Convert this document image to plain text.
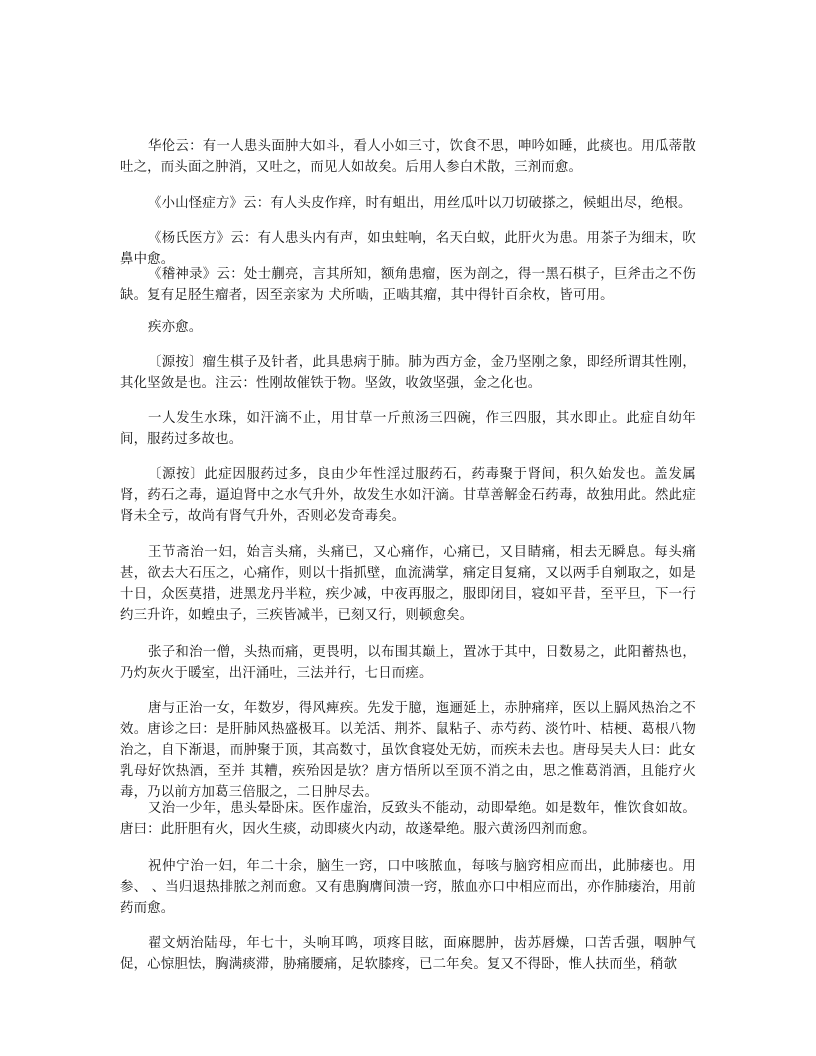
华伦云：有一人患头面肿大如斗，看人小如三寸，饮食不思，呻吟如睡，此痰也。用瓜蒂散吐之，而头面之肿消，又吐之，而见人如故矣。后用人参白术散，三剂而愈。

《小山怪症方》云：有人头皮作痒，时有蛆出，用丝瓜叶以刀切破搽之，候蛆出尽，绝根。

《杨氏医方》云：有人患头内有声，如虫蛀响，名天白蚁，此肝火为患。用茶子为细末，吹鼻中愈。

《稽神录》云：处士蒯亮，言其所知，额角患瘤，医为剖之，得一黑石棋子，巨斧击之不伤缺。复有足胫生瘤者，因至亲家为 犬所啮，正啮其瘤，其中得针百余枚，皆可用。

疾亦愈。

〔源按〕瘤生棋子及针者，此具患病于肺。肺为西方金，金乃坚刚之象，即经所谓其性刚，其化坚敛是也。注云：性刚故催铁于物。坚敛，收敛坚强，金之化也。

一人发生水珠，如汗滴不止，用甘草一斤煎汤三四碗，作三四服，其水即止。此症自幼年间，服药过多故也。

〔源按〕此症因服药过多，良由少年性淫过服药石，药毒聚于肾间，积久始发也。盖发属肾，药石之毒，逼迫肾中之水气升外，故发生水如汗滴。甘草善解金石药毒，故独用此。然此症肾未全亏，故尚有肾气升外，否则必发奇毒矣。

王节斋治一妇，始言头痛，头痛已，又心痛作，心痛已，又目睛痛，相去无瞬息。每头痛甚，欲去大石压之，心痛作，则以十指抓壁，血流满掌，痛定目复痛，又以两手自剜取之，如是十日，众医莫措，进黑龙丹半粒，疾少减，中夜再服之，服即闭目，寝如平昔，至平旦，下一行约三升许，如蝗虫子，三疾皆减半，已刻又行，则顿愈矣。

张子和治一僧，头热而痛，更畏明，以布围其巅上，置冰于其中，日数易之，此阳蓄热也，乃灼灰火于暖室，出汗涌吐，三法并行，七日而瘥。

唐与正治一女，年数岁，得风痺疾。先发于臆，迤逦延上，赤肿痛痒，医以上膈风热治之不效。唐诊之曰：是肝肺风热盛极耳。以羌活、荆芥、鼠粘子、赤芍药、淡竹叶、桔梗、葛根八物治之，自下渐退，而肿聚于顶，其高数寸，虽饮食寝处无妨，而疾未去也。唐母吴夫人曰：此女乳母好饮热酒，至并 其糟，疾殆因是欤？唐方悟所以至顶不消之由，思之惟葛消酒，且能疗火毒，乃以前方加葛三倍服之，二日肿尽去。

又治一少年，患头晕卧床。医作虚治，反致头不能动，动即晕绝。如是数年，惟饮食如故。唐曰：此肝胆有火，因火生痰，动即痰火内动，故遂晕绝。服六黄汤四剂而愈。

祝仲宁治一妇，年二十余，脑生一窍，口中咳脓血，每咳与脑窍相应而出，此肺痿也。用参、 、当归退热排脓之剂而愈。又有患胸膺间溃一窍，脓血亦口中相应而出，亦作肺痿治，用前药而愈。

翟文炳治陆母，年七十，头响耳鸣，项疼目眩，面麻腮肿，齿苏唇燥，口苦舌强，咽肿气促，心惊胆怯，胸满痰滞，胁痛腰痛，足软膝疼，已二年矣。复又不得卧，惟人扶而坐，稍欹
